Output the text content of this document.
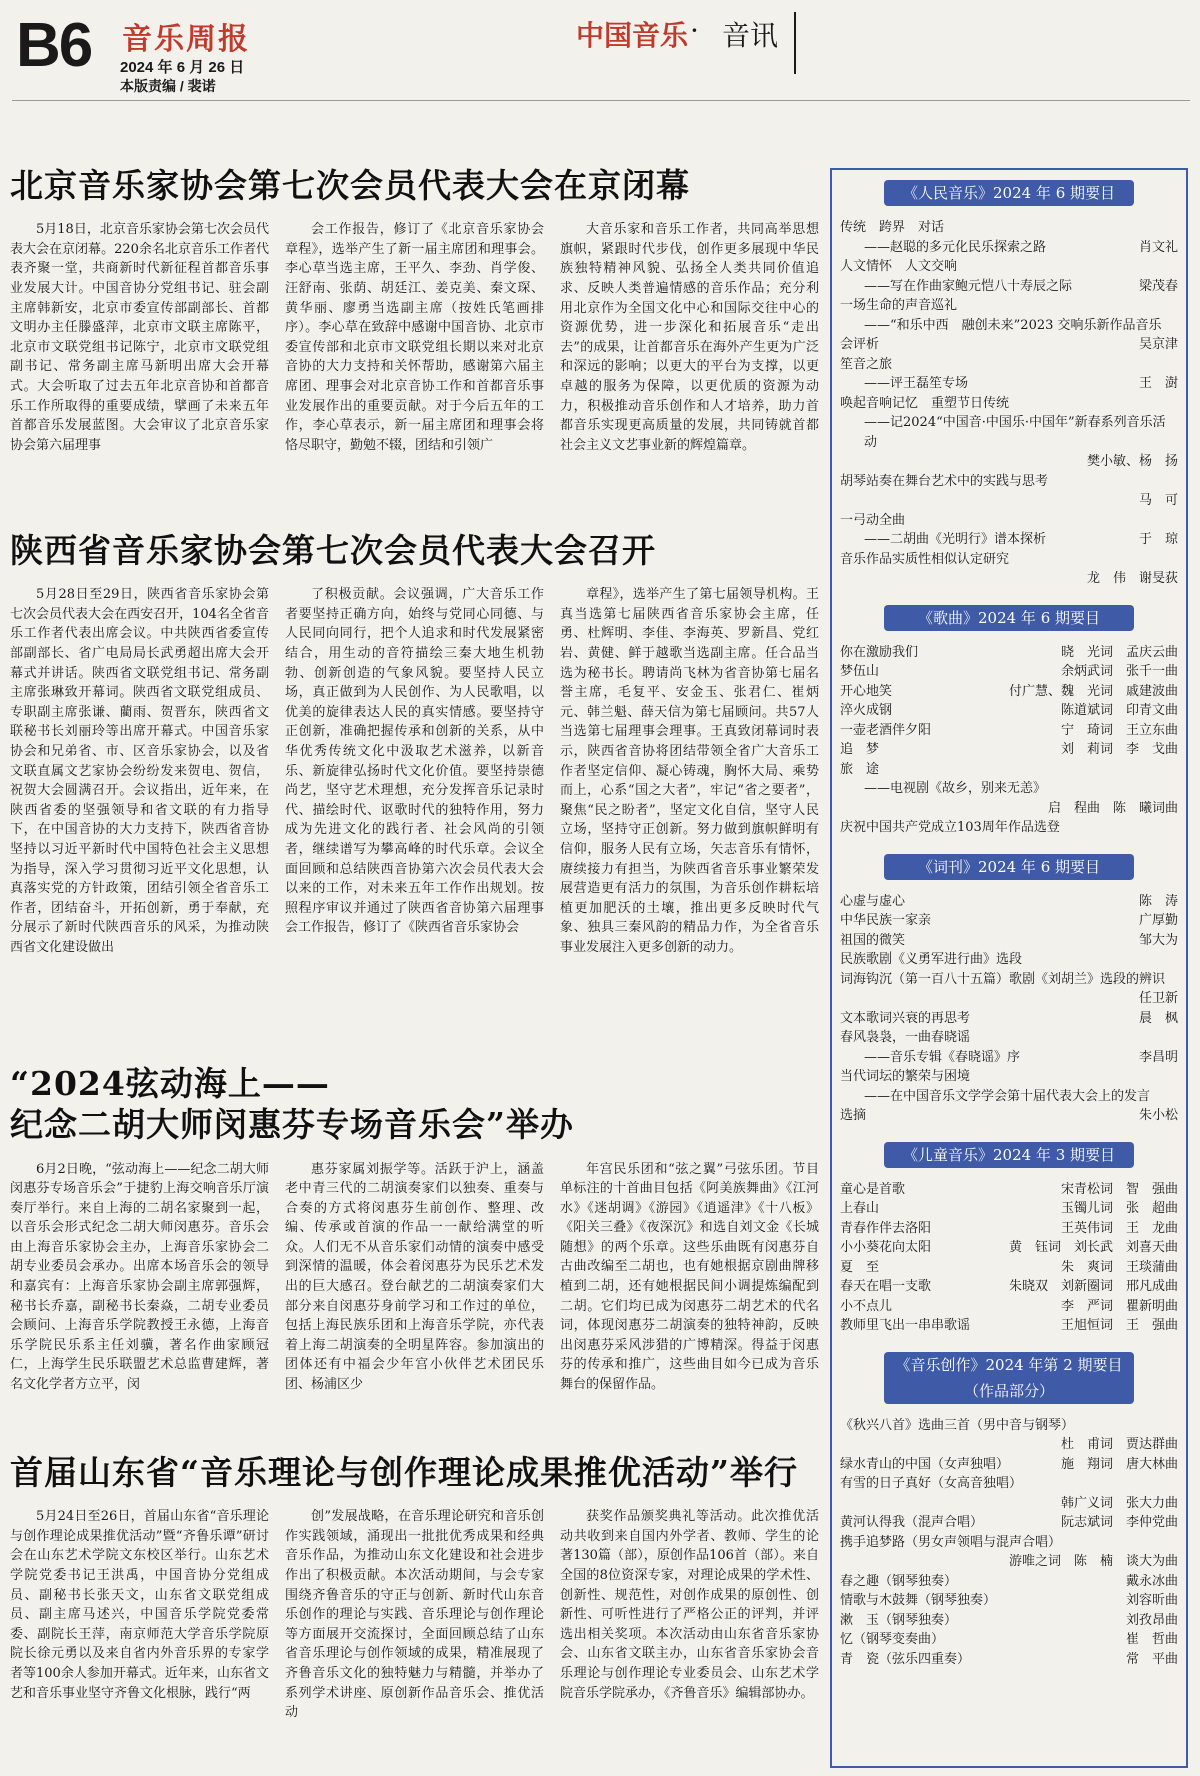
B6 音乐周报
2024 年 6 月 26 日
本版责编 / 裴诺
中国音乐 · 音讯
北京音乐家协会第七次会员代表大会在京闭幕

5月18日，北京音乐家协会第七次会员代表大会在京闭幕。220余名北京音乐工作者代表齐聚一堂，共商新时代新征程首都音乐事业发展大计。中国音协分党组书记、驻会副主席韩新安，北京市委宣传部副部长、首都文明办主任滕盛萍，北京市文联主席陈平，北京市文联党组书记陈宁，北京市文联党组副书记、常务副主席马新明出席大会开幕式。大会听取了过去五年北京音协和首都音乐工作所取得的重要成绩，擘画了未来五年首都音乐发展蓝图。大会审议了北京音乐家协会第六届理事

会工作报告，修订了《北京音乐家协会章程》，选举产生了新一届主席团和理事会。李心草当选主席，王平久、李劲、肖学俊、汪舒南、张荫、胡廷江、姜克美、秦文琛、黄华丽、廖勇当选副主席（按姓氏笔画排序）。李心草在致辞中感谢中国音协、北京市委宣传部和北京市文联党组长期以来对北京音协的大力支持和关怀帮助，感谢第六届主席团、理事会对北京音协工作和首都音乐事业发展作出的重要贡献。对于今后五年的工作，李心草表示，新一届主席团和理事会将恪尽职守，勤勉不辍，团结和引领广

大音乐家和音乐工作者，共同高举思想旗帜，紧跟时代步伐，创作更多展现中华民族独特精神风貌、弘扬全人类共同价值追求、反映人类普遍情感的音乐作品；充分利用北京作为全国文化中心和国际交往中心的资源优势，进一步深化和拓展音乐“走出去”的成果，让首都音乐在海外产生更为广泛和深远的影响；以更大的平台为支撑，以更卓越的服务为保障，以更优质的资源为动力，积极推动音乐创作和人才培养，助力首都音乐实现更高质量的发展，共同铸就首都社会主义文艺事业新的辉煌篇章。

陕西省音乐家协会第七次会员代表大会召开

5月28日至29日，陕西省音乐家协会第七次会员代表大会在西安召开，104名全省音乐工作者代表出席会议。中共陕西省委宣传部副部长、省广电局局长武勇超出席大会开幕式并讲话。陕西省文联党组书记、常务副主席张琳致开幕词。陕西省文联党组成员、专职副主席张谦、藺雨、贺晋东，陕西省文联秘书长刘丽玲等出席开幕式。中国音乐家协会和兄弟省、市、区音乐家协会，以及省文联直属文艺家协会纷纷发来贺电、贺信，祝贺大会圆满召开。会议指出，近年来，在陕西省委的坚强领导和省文联的有力指导下，在中国音协的大力支持下，陕西省音协坚持以习近平新时代中国特色社会主义思想为指导，深入学习贯彻习近平文化思想，认真落实党的方针政策，团结引领全省音乐工作者，团结奋斗，开拓创新，勇于奉献，充分展示了新时代陕西音乐的风采，为推动陕西省文化建设做出

了积极贡献。会议强调，广大音乐工作者要坚持正确方向，始终与党同心同德、与人民同向同行，把个人追求和时代发展紧密结合，用生动的音符描绘三秦大地生机勃勃、创新创造的气象风貌。要坚持人民立场，真正做到为人民创作、为人民歌唱，以优美的旋律表达人民的真实情感。要坚持守正创新，准确把握传承和创新的关系，从中华优秀传统文化中汲取艺术滋养，以新音乐、新旋律弘扬时代文化价值。要坚持崇德尚艺，坚守艺术理想，充分发挥音乐记录时代、描绘时代、讴歌时代的独特作用，努力成为先进文化的践行者、社会风尚的引领者，继续谱写为攀高峰的时代乐章。会议全面回顾和总结陕西音协第六次会员代表大会以来的工作，对未来五年工作作出规划。按照程序审议并通过了陕西省音协第六届理事会工作报告，修订了《陕西省音乐家协会

章程》，选举产生了第七届领导机构。王真当选第七届陕西省音乐家协会主席，任勇、杜辉明、李佳、李海英、罗新昌、党红岩、黄健、鲜于越歌当选副主席。任合品当选为秘书长。聘请尚飞林为省音协第七届名誉主席，毛复平、安金玉、张君仁、崔炳元、韩兰魁、薛天信为第七届顾问。共57人当选第七届理事会理事。王真致闭幕词时表示，陕西省音协将团结带领全省广大音乐工作者坚定信仰、凝心铸魂，胸怀大局、乘势而上，心系“国之大者”，牢记“省之要者”，聚焦“民之盼者”，坚定文化自信，坚守人民立场，坚持守正创新。努力做到旗帜鲜明有信仰，服务人民有立场，矢志音乐有情怀，赓续接力有担当，为陕西省音乐事业繁荣发展营造更有活力的氛围，为音乐创作耕耘培植更加肥沃的土壤，推出更多反映时代气象、独具三秦风韵的精品力作，为全省音乐事业发展注入更多创新的动力。

“2024弦动海上——
纪念二胡大师闵惠芬专场音乐会”举办

6月2日晚，“弦动海上——纪念二胡大师闵惠芬专场音乐会”于捷豹上海交响音乐厅演奏厅举行。来自上海的二胡名家聚到一起，以音乐会形式纪念二胡大师闵惠芬。音乐会由上海音乐家协会主办，上海音乐家协会二胡专业委员会承办。出席本场音乐会的领导和嘉宾有：上海音乐家协会副主席郭强辉，秘书长乔嘉，副秘书长秦焱，二胡专业委员会顾问、上海音乐学院教授王永德，上海音乐学院民乐系主任刘骥，著名作曲家顾冠仁，上海学生民乐联盟艺术总监曹建辉，著名文化学者方立平，闵

惠芬家属刘振学等。活跃于沪上，涵盖老中青三代的二胡演奏家们以独奏、重奏与合奏的方式将闵惠芬生前创作、整理、改编、传承或首演的作品一一献给满堂的听众。人们无不从音乐家们动情的演奏中感受到深情的温暖，体会着闵惠芬为民乐艺术发出的巨大感召。登台献艺的二胡演奏家们大部分来自闵惠芬身前学习和工作过的单位，包括上海民族乐团和上海音乐学院，亦代表着上海二胡演奏的全明星阵容。参加演出的团体还有中福会少年宫小伙伴艺术团民乐团、杨浦区少

年宫民乐团和“弦之翼”弓弦乐团。节目单标注的十首曲目包括《阿美族舞曲》《江河水》《迷胡调》《游园》《逍遥津》《十八板》《阳关三叠》《夜深沉》和选自刘文金《长城随想》的两个乐章。这些乐曲既有闵惠芬自古曲改编至二胡也，也有她根据京剧曲牌移植到二胡，还有她根据民间小调提炼编配到二胡。它们均已成为闵惠芬二胡艺术的代名词，体现闵惠芬二胡演奏的独特神韵，反映出闵惠芬采风涉猎的广博精深。得益于闵惠芬的传承和推广，这些曲目如今已成为音乐舞台的保留作品。

首届山东省“音乐理论与创作理论成果推优活动”举行

5月24日至26日，首届山东省“音乐理论与创作理论成果推优活动”暨“齐鲁乐谭”研讨会在山东艺术学院文东校区举行。山东艺术学院党委书记王洪禹，中国音协分党组成员、副秘书长张天文，山东省文联党组成员、副主席马述兴，中国音乐学院党委常委、副院长王萍，南京师范大学音乐学院原院长徐元勇以及来自省内外音乐界的专家学者等100余人参加开幕式。近年来，山东省文艺和音乐事业坚守齐鲁文化根脉，践行“两

创”发展战略，在音乐理论研究和音乐创作实践领域，涌现出一批批优秀成果和经典音乐作品，为推动山东文化建设和社会进步作出了积极贡献。本次活动期间，与会专家围绕齐鲁音乐的守正与创新、新时代山东音乐创作的理论与实践、音乐理论与创作理论等方面展开交流探讨，全面回顾总结了山东省音乐理论与创作领域的成果，精准展现了齐鲁音乐文化的独特魅力与精髓，并举办了系列学术讲座、原创新作品音乐会、推优活动

获奖作品颁奖典礼等活动。此次推优活动共收到来自国内外学者、教师、学生的论著130篇（部），原创作品106首（部）。来自全国的8位资深专家，对理论成果的学术性、创新性、规范性，对创作成果的原创性、创新性、可听性进行了严格公正的评判，并评选出相关奖项。本次活动由山东省音乐家协会、山东省文联主办，山东省音乐家协会音乐理论与创作理论专业委员会、山东艺术学院音乐学院承办，《齐鲁音乐》编辑部协办。

《人民音乐》2024 年 6 期要目
传统　跨界　对话
——赵聪的多元化民乐探索之路	肖文礼
人文情怀　人文交响
——写在作曲家鲍元恺八十寿辰之际	梁茂春
一场生命的声音巡礼
——“和乐中西　融创未来”2023 交响乐新作品音乐
会评析	吴京津
笙音之旅
——评王磊笙专场	王　澍
唤起音响记忆　重塑节日传统
——记2024“中国音·中国乐·中国年”新春系列音乐活动
樊小敏、杨　扬
胡琴站奏在舞台艺术中的实践与思考
马　可
一弓动全曲
——二胡曲《光明行》谱本探析	于　琼
音乐作品实质性相似认定研究
龙　伟　谢旻荻
《歌曲》2024 年 6 期要目
你在激励我们	晓　光词　孟庆云曲
梦伍山	余炳武词　张千一曲
开心地笑	付广慧、魏　光词　戚建波曲
淬火成钢	陈道斌词　印青文曲
一壶老酒伴夕阳	宁　琦词　王立东曲
追　梦	刘　莉词　李　戈曲
旅　途
——电视剧《故乡，别来无恙》
启　程曲　陈　曦词曲
庆祝中国共产党成立103周年作品选登
《词刊》2024 年 6 期要目
心虚与虚心	陈　涛
中华民族一家亲	广厚勤
祖国的微笑	邹大为
民族歌剧《义勇军进行曲》选段
词海钩沉（第一百八十五篇）歌剧《刘胡兰》选段的辨识
任卫新
文本歌词兴衰的再思考	晨　枫
春风袅袅，一曲春晓谣
——音乐专辑《春晓谣》序	李昌明
当代词坛的繁荣与困境
——在中国音乐文学学会第十届代表大会上的发言
选摘	朱小松
《儿童音乐》2024 年 3 期要目
童心是首歌	宋青松词　智　强曲
上春山	玉镯儿词　张　超曲
青春作伴去洛阳	王英伟词　王　龙曲
小小葵花向太阳	黄　钰词　刘长武　刘喜天曲
夏　至	朱　爽词　王琰蒲曲
春天在唱一支歌	朱晓双　刘新圈词　邢凡成曲
小不点儿	李　严词　瞿新明曲
教师里飞出一串串歌谣	王旭恒词　王　强曲
《音乐创作》2024 年第 2 期要目（作品部分）
《秋兴八首》选曲三首（男中音与钢琴）
杜　甫词　贾达群曲
绿水青山的中国（女声独唱）	施　翔词　唐大林曲
有雪的日子真好（女高音独唱）
韩广义词　张大力曲
黄河认得我（混声合唱）	阮志斌词　李仲党曲
携手追梦路（男女声领唱与混声合唱）
游唯之词　陈　楠　谈大为曲
春之趣（钢琴独奏）	戴永冰曲
情歌与木鼓舞（钢琴独奏）	刘容昕曲
漱　玉（钢琴独奏）	刘孜昂曲
忆（钢琴变奏曲）	崔　哲曲
青　瓷（弦乐四重奏）	常　平曲
